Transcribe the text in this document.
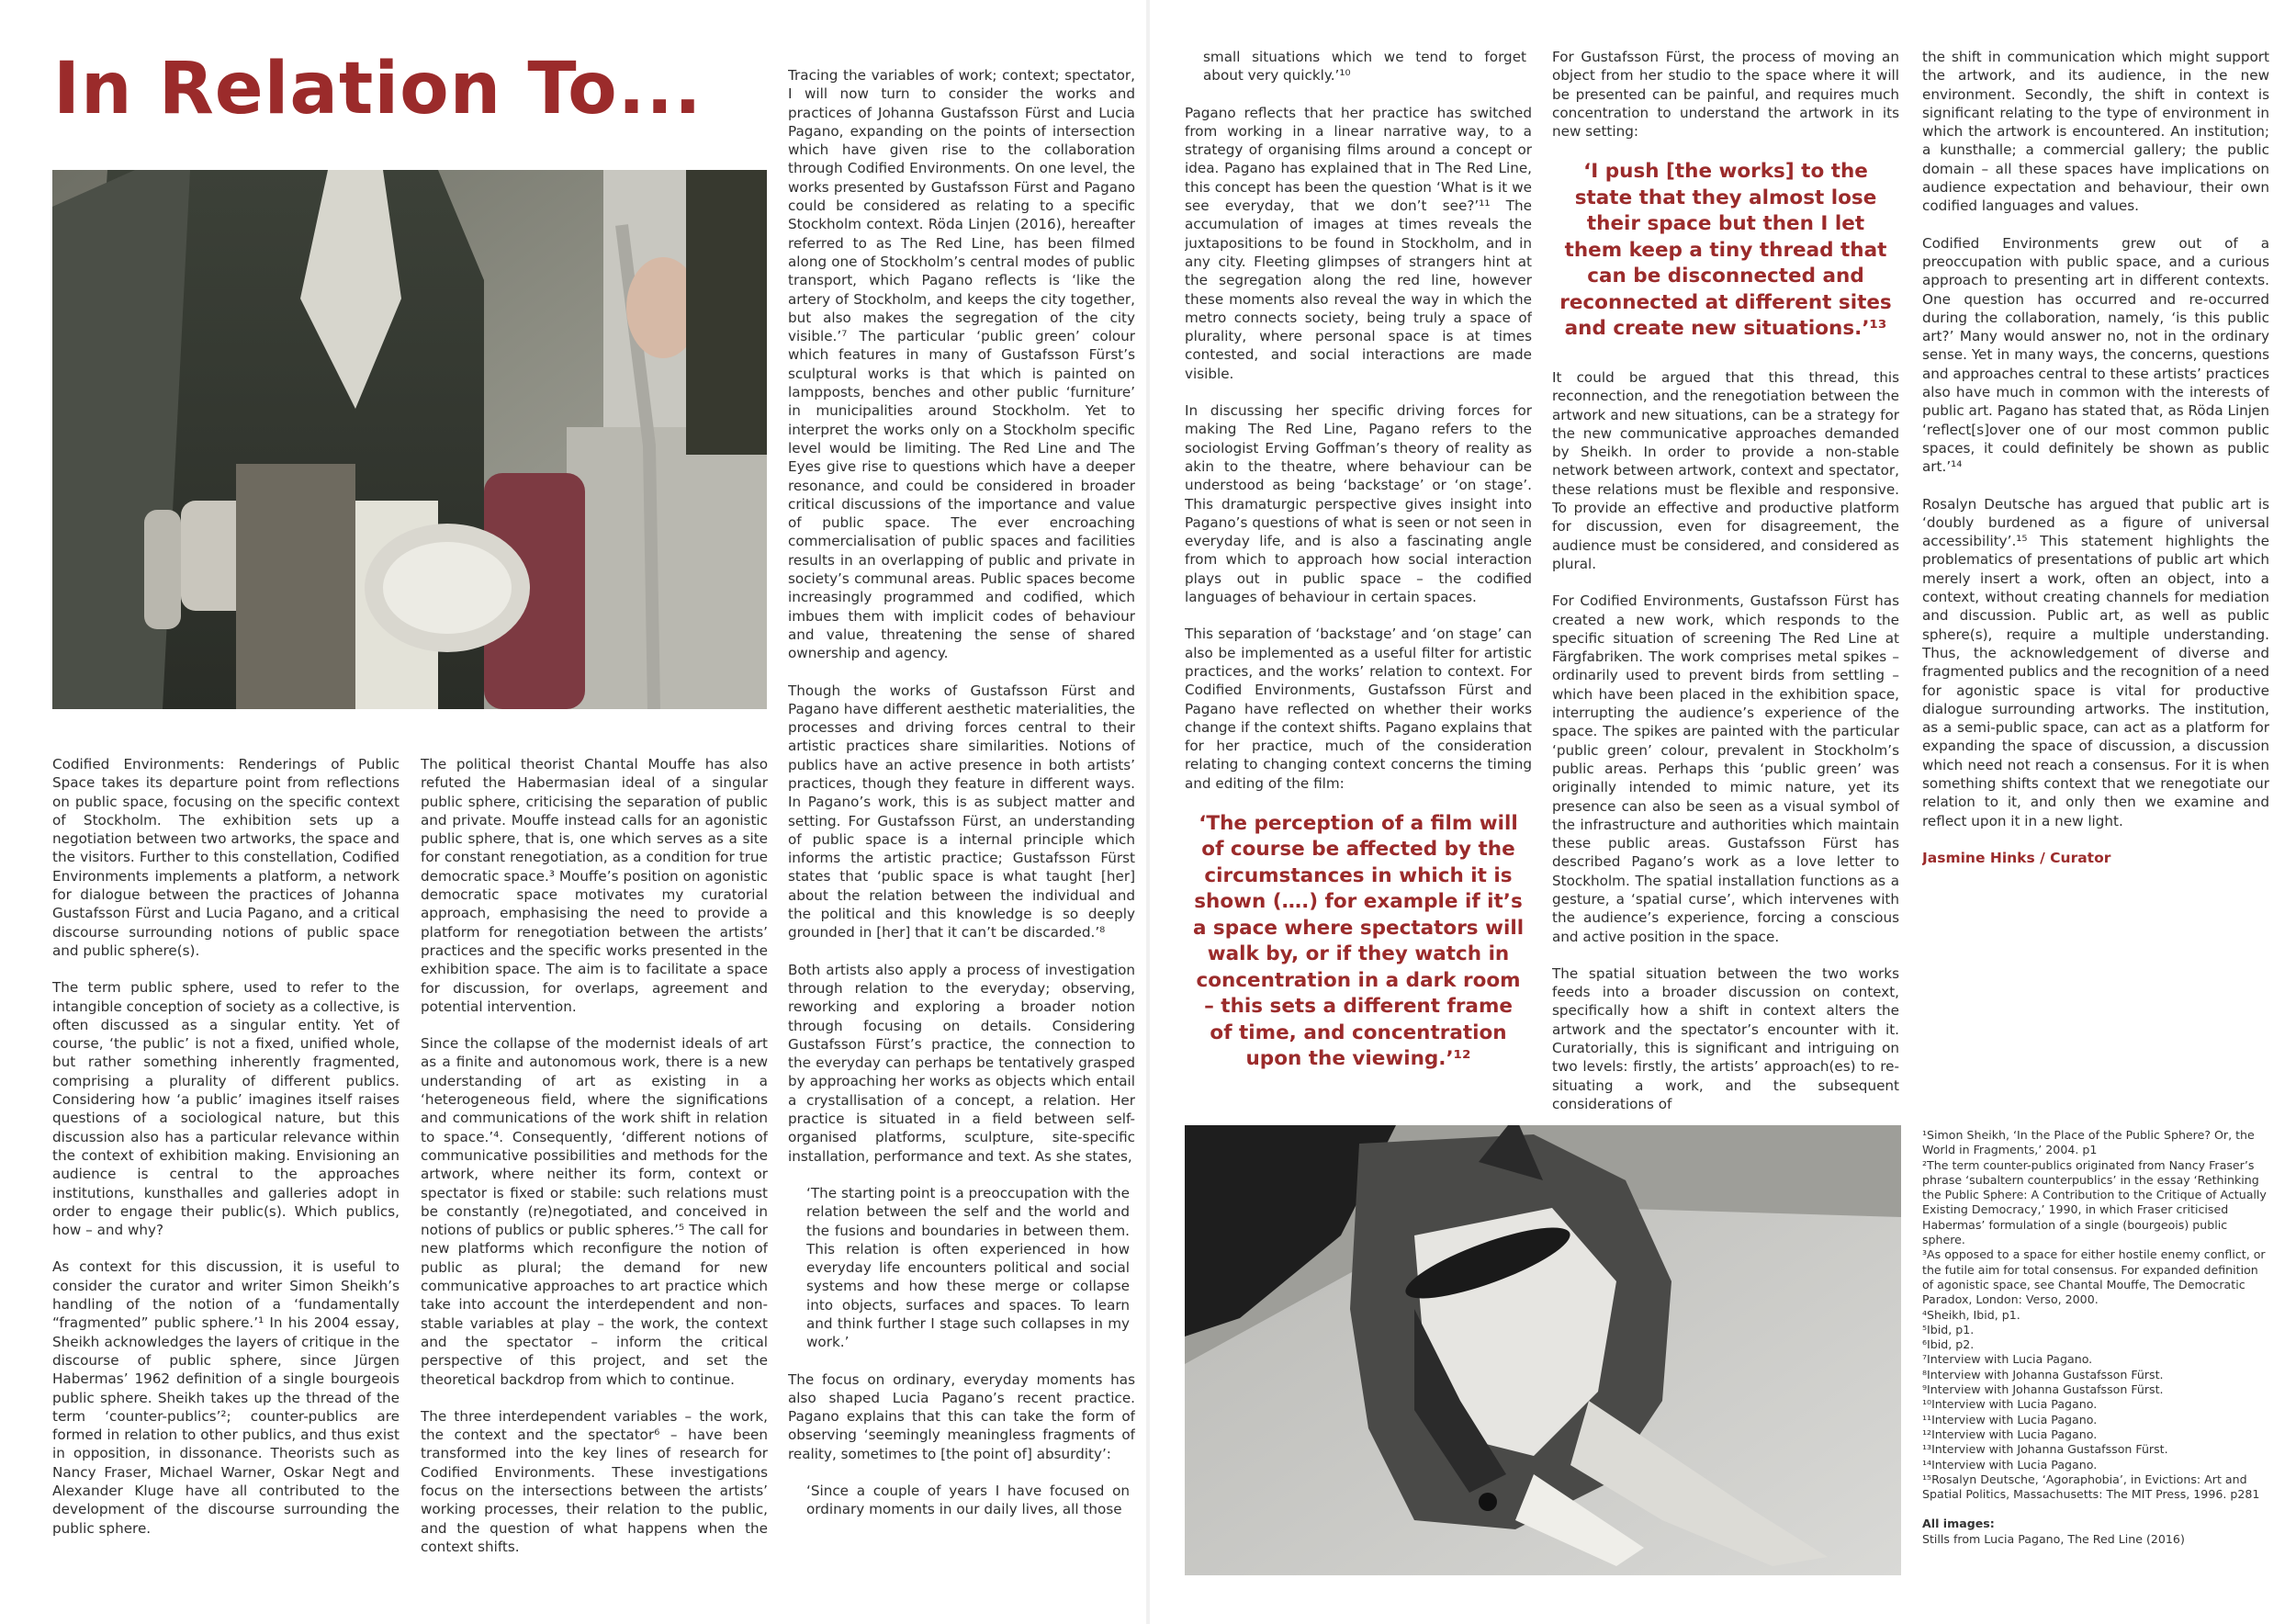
In Relation To...

Codified Environments: Renderings of Public Space takes its departure point from reflections on public space, focusing on the specific context of Stockholm. The exhibition sets up a negotiation between two artworks, the space and the visitors. Further to this constellation, Codified Environments implements a platform, a network for dialogue between the practices of Johanna Gustafsson Fürst and Lucia Pagano, and a critical discourse surrounding notions of public space and public sphere(s).

The term public sphere, used to refer to the intangible conception of society as a collective, is often discussed as a singular entity. Yet of course, ‘the public’ is not a fixed, unified whole, but rather something inherently fragmented, comprising a plurality of different publics. Considering how ‘a public’ imagines itself raises questions of a sociological nature, but this discussion also has a particular relevance within the context of exhibition making. Envisioning an audience is central to the approaches institutions, kunsthalles and galleries adopt in order to engage their public(s). Which publics, how – and why?

As context for this discussion, it is useful to consider the curator and writer Simon Sheikh’s handling of the notion of a ‘fundamentally “fragmented” public sphere.’¹ In his 2004 essay, Sheikh acknowledges the layers of critique in the discourse of public sphere, since Jürgen Habermas’ 1962 definition of a single bourgeois public sphere. Sheikh takes up the thread of the term ‘counter-publics’²; counter-publics are formed in relation to other publics, and thus exist in opposition, in dissonance. Theorists such as Nancy Fraser, Michael Warner, Oskar Negt and Alexander Kluge have all contributed to the development of the discourse surrounding the public sphere.

The political theorist Chantal Mouffe has also refuted the Habermasian ideal of a singular public sphere, criticising the separation of public and private. Mouffe instead calls for an agonistic public sphere, that is, one which serves as a site for constant renegotiation, as a condition for true democratic space.³ Mouffe’s position on agonistic democratic space motivates my curatorial approach, emphasising the need to provide a platform for renegotiation between the artists’ practices and the specific works presented in the exhibition space. The aim is to facilitate a space for discussion, for overlaps, agreement and potential intervention.

Since the collapse of the modernist ideals of art as a finite and autonomous work, there is a new understanding of art as existing in a ‘heterogeneous field, where the significations and communications of the work shift in relation to space.’⁴. Consequently, ‘different notions of communicative possibilities and methods for the artwork, where neither its form, context or spectator is fixed or stabile: such relations must be constantly (re)negotiated, and conceived in notions of publics or public spheres.’⁵ The call for new platforms which reconfigure the notion of public as plural; the demand for new communicative approaches to art practice which take into account the interdependent and non-stable variables at play – the work, the context and the spectator – inform the critical perspective of this project, and set the theoretical backdrop from which to continue.

The three interdependent variables – the work, the context and the spectator⁶ – have been transformed into the key lines of research for Codified Environments. These investigations focus on the intersections between the artists’ working processes, their relation to the public, and the question of what happens when the context shifts.

Tracing the variables of work; context; spectator, I will now turn to consider the works and practices of Johanna Gustafsson Fürst and Lucia Pagano, expanding on the points of intersection which have given rise to the collaboration through Codified Environments. On one level, the works presented by Gustafsson Fürst and Pagano could be considered as relating to a specific Stockholm context. Röda Linjen (2016), hereafter referred to as The Red Line, has been filmed along one of Stockholm’s central modes of public transport, which Pagano reflects is ‘like the artery of Stockholm, and keeps the city together, but also makes the segregation of the city visible.’⁷ The particular ‘public green’ colour which features in many of Gustafsson Fürst’s sculptural works is that which is painted on lampposts, benches and other public ‘furniture’ in municipalities around Stockholm. Yet to interpret the works only on a Stockholm specific level would be limiting. The Red Line and The Eyes give rise to questions which have a deeper resonance, and could be considered in broader critical discussions of the importance and value of public space. The ever encroaching commercialisation of public spaces and facilities results in an overlapping of public and private in society’s communal areas. Public spaces become increasingly programmed and codified, which imbues them with implicit codes of behaviour and value, threatening the sense of shared ownership and agency.

Though the works of Gustafsson Fürst and Pagano have different aesthetic materialities, the processes and driving forces central to their artistic practices share similarities. Notions of publics have an active presence in both artists’ practices, though they feature in different ways. In Pagano’s work, this is as subject matter and setting. For Gustafsson Fürst, an understanding of public space is a internal principle which informs the artistic practice; Gustafsson Fürst states that ‘public space is what taught [her] about the relation between the individual and the political and this knowledge is so deeply grounded in [her] that it can’t be discarded.’⁸

Both artists also apply a process of investigation through relation to the everyday; observing, reworking and exploring a broader notion through focusing on details. Considering Gustafsson Fürst’s practice, the connection to the everyday can perhaps be tentatively grasped by approaching her works as objects which entail a crystallisation of a concept, a relation. Her practice is situated in a field between self-organised platforms, sculpture, site-specific installation, performance and text. As she states,

‘The starting point is a preoccupation with the relation between the self and the world and the fusions and boundaries in between them. This relation is often experienced in how everyday life encounters political and social systems and how these merge or collapse into objects, surfaces and spaces. To learn and think further I stage such collapses in my work.’

The focus on ordinary, everyday moments has also shaped Lucia Pagano’s recent practice. Pagano explains that this can take the form of observing ‘seemingly meaningless fragments of reality, sometimes to [the point of] absurdity’:

‘Since a couple of years I have focused on ordinary moments in our daily lives, all those

small situations which we tend to forget about very quickly.’¹⁰

Pagano reflects that her practice has switched from working in a linear narrative way, to a strategy of organising films around a concept or idea. Pagano has explained that in The Red Line, this concept has been the question ‘What is it we see everyday, that we don’t see?’¹¹ The accumulation of images at times reveals the juxtapositions to be found in Stockholm, and in any city. Fleeting glimpses of strangers hint at the segregation along the red line, however these moments also reveal the way in which the metro connects society, being truly a space of plurality, where personal space is at times contested, and social interactions are made visible.

In discussing her specific driving forces for making The Red Line, Pagano refers to the sociologist Erving Goffman’s theory of reality as akin to the theatre, where behaviour can be understood as being ‘backstage’ or ‘on stage’. This dramaturgic perspective gives insight into Pagano’s questions of what is seen or not seen in everyday life, and is also a fascinating angle from which to approach how social interaction plays out in public space – the codified languages of behaviour in certain spaces.

This separation of ‘backstage’ and ‘on stage’ can also be implemented as a useful filter for artistic practices, and the works’ relation to context. For Codified Environments, Gustafsson Fürst and Pagano have reflected on whether their works change if the context shifts. Pagano explains that for her practice, much of the consideration relating to changing context concerns the timing and editing of the film:

‘The perception of a film will of course be affected by the circumstances in which it is shown (….) for example if it’s a space where spectators will walk by, or if they watch in concentration in a dark room – this sets a different frame of time, and concentration upon the viewing.’¹²

For Gustafsson Fürst, the process of moving an object from her studio to the space where it will be presented can be painful, and requires much concentration to understand the artwork in its new setting:

‘I push [the works] to the state that they almost lose their space but then I let them keep a tiny thread that can be disconnected and reconnected at different sites and create new situations.’¹³

It could be argued that this thread, this reconnection, and the renegotiation between the artwork and new situations, can be a strategy for the new communicative approaches demanded by Sheikh. In order to provide a non-stable network between artwork, context and spectator, these relations must be flexible and responsive. To provide an effective and productive platform for discussion, even for disagreement, the audience must be considered, and considered as plural.

For Codified Environments, Gustafsson Fürst has created a new work, which responds to the specific situation of screening The Red Line at Färgfabriken. The work comprises metal spikes – ordinarily used to prevent birds from settling – which have been placed in the exhibition space, interrupting the audience’s experience of the space. The spikes are painted with the particular ‘public green’ colour, prevalent in Stockholm’s public areas. Perhaps this ‘public green’ was originally intended to mimic nature, yet its presence can also be seen as a visual symbol of the infrastructure and authorities which maintain these public areas. Gustafsson Fürst has described Pagano’s work as a love letter to Stockholm. The spatial installation functions as a gesture, a ‘spatial curse’, which intervenes with the audience’s experience, forcing a conscious and active position in the space.

The spatial situation between the two works feeds into a broader discussion on context, specifically how a shift in context alters the artwork and the spectator’s encounter with it. Curatorially, this is significant and intriguing on two levels: firstly, the artists’ approach(es) to re-situating a work, and the subsequent considerations of

the shift in communication which might support the artwork, and its audience, in the new environment. Secondly, the shift in context is significant relating to the type of environment in which the artwork is encountered. An institution; a kunsthalle; a commercial gallery; the public domain – all these spaces have implications on audience expectation and behaviour, their own codified languages and values.

Codified Environments grew out of a preoccupation with public space, and a curious approach to presenting art in different contexts. One question has occurred and re-occurred during the collaboration, namely, ‘is this public art?’ Many would answer no, not in the ordinary sense. Yet in many ways, the concerns, questions and approaches central to these artists’ practices also have much in common with the interests of public art. Pagano has stated that, as Röda Linjen ‘reflect[s]over one of our most common public spaces, it could definitely be shown as public art.’¹⁴

Rosalyn Deutsche has argued that public art is ‘doubly burdened as a figure of universal accessibility’.¹⁵ This statement highlights the problematics of presentations of public art which merely insert a work, often an object, into a context, without creating channels for mediation and discussion. Public art, as well as public sphere(s), require a multiple understanding. Thus, the acknowledgement of diverse and fragmented publics and the recognition of a need for agonistic space is vital for productive dialogue surrounding artworks. The institution, as a semi-public space, can act as a platform for expanding the space of discussion, a discussion which need not reach a consensus. For it is when something shifts context that we renegotiate our relation to it, and only then we examine and reflect upon it in a new light.

Jasmine Hinks / Curator

¹Simon Sheikh, ‘In the Place of the Public Sphere? Or, the World in Fragments,’ 2004. p1

²The term counter-publics originated from Nancy Fraser’s phrase ‘subaltern counterpublics’ in the essay ‘Rethinking the Public Sphere: A Contribution to the Critique of Actually Existing Democracy,’ 1990, in which Fraser criticised Habermas’ formulation of a single (bourgeois) public sphere.

³As opposed to a space for either hostile enemy conflict, or the futile aim for total consensus. For expanded definition of agonistic space, see Chantal Mouffe, The Democratic Paradox, London: Verso, 2000.

⁴Sheikh, Ibid, p1.

⁵Ibid, p1.

⁶Ibid, p2.

⁷Interview with Lucia Pagano.

⁸Interview with Johanna Gustafsson Fürst.

⁹Interview with Johanna Gustafsson Fürst.

¹⁰Interview with Lucia Pagano.

¹¹Interview with Lucia Pagano.

¹²Interview with Lucia Pagano.

¹³Interview with Johanna Gustafsson Fürst.

¹⁴Interview with Lucia Pagano.

¹⁵Rosalyn Deutsche, ‘Agoraphobia’, in Evictions: Art and Spatial Politics, Massachusetts: The MIT Press, 1996. p281

All images:

Stills from Lucia Pagano, The Red Line (2016)
